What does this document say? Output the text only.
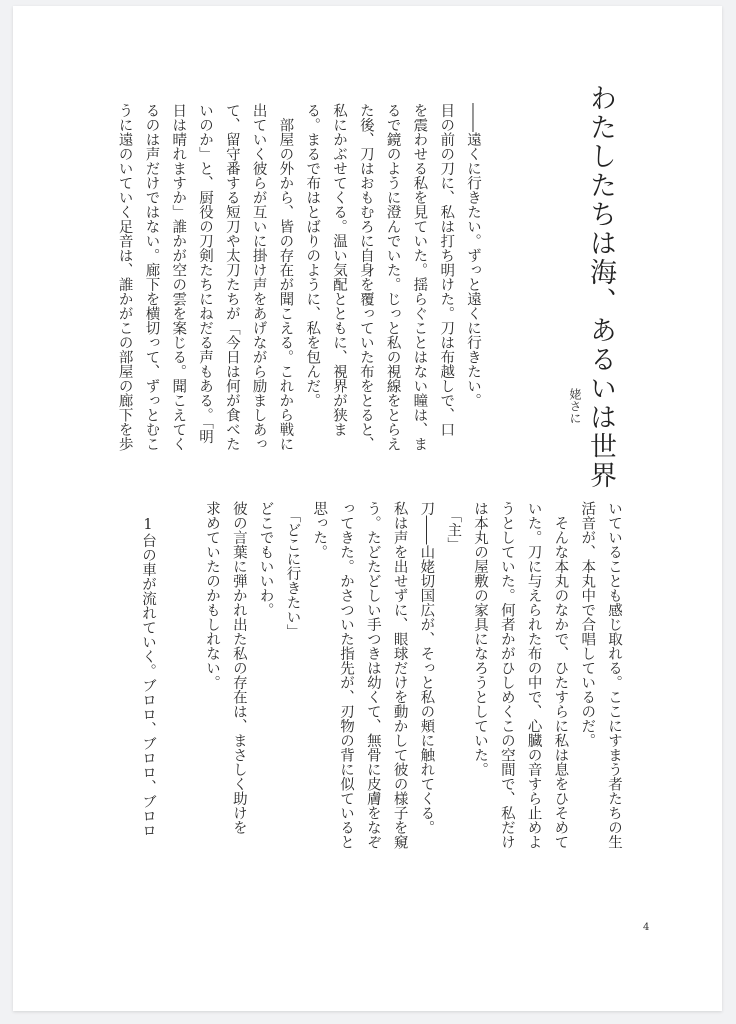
わたしたちは海、あるいは世界
姥さに
――遠くに行きたい。ずっと遠くに行きたい。
目の前の刀に、私は打ち明けた。刀は布越しで、口
を震わせる私を見ていた。揺らぐことはない瞳は、ま
るで鏡のように澄んでいた。じっと私の視線をとらえ
た後、刀はおもむろに自身を覆っていた布をとると、
私にかぶせてくる。温い気配とともに、視界が狭ま
る。まるで布はとばりのように、私を包んだ。
　部屋の外から、皆の存在が聞こえる。これから戦に
出ていく彼らが互いに掛け声をあげながら励ましあっ
て、留守番する短刀や太刀たちが「今日は何が食べた
いのか」と、厨役の刀剣たちにねだる声もある。「明
日は晴れますか」誰かが空の雲を案じる。聞こえてく
るのは声だけではない。廊下を横切って、ずっとむこ
うに遠のいていく足音は、誰かがこの部屋の廊下を歩
いていることも感じ取れる。ここにすまう者たちの生
活音が、本丸中で合唱しているのだ。
　そんな本丸のなかで、ひたすらに私は息をひそめて
いた。刀に与えられた布の中で、心臓の音すら止めよ
うとしていた。何者かがひしめくこの空間で、私だけ
は本丸の屋敷の家具になろうとしていた。
　「主」
刀――山姥切国広が、そっと私の頬に触れてくる。
私は声を出せずに、眼球だけを動かして彼の様子を窺
う。たどたどしい手つきは幼くて、無骨に皮膚をなぞ
ってきた。かさついた指先が、刃物の背に似ていると
思った。
　「どこに行きたい」
どこでもいいわ。
彼の言葉に弾かれ出た私の存在は、まさしく助けを
求めていたのかもしれない。
1台の車が流れていく。ブロロ、ブロロ、ブロロ
4
